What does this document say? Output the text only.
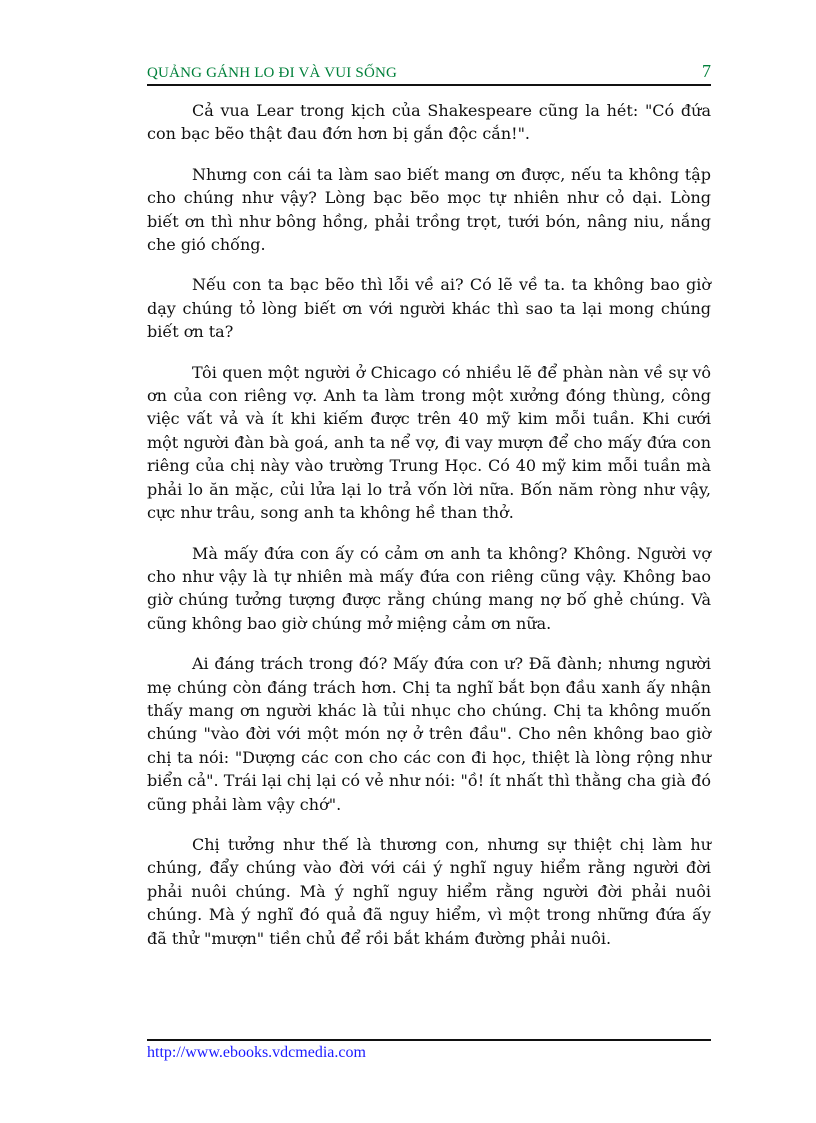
QUẢNG GÁNH LO ĐI VÀ VUI SỐNG	7

Cả vua Lear trong kịch của Shakespeare cũng la hét: "Có đứa con bạc bẽo thật đau đớn hơn bị gắn độc cắn!".

Nhưng con cái ta làm sao biết mang ơn được, nếu ta không tập cho chúng như vậy? Lòng bạc bẽo mọc tự nhiên như cỏ dại. Lòng biết ơn thì như bông hồng, phải trồng trọt, tưới bón, nâng niu, nắng che gió chống.

Nếu con ta bạc bẽo thì lỗi về ai? Có lẽ về ta. ta không bao giờ dạy chúng tỏ lòng biết ơn với người khác thì sao ta lại mong chúng biết ơn ta?

Tôi quen một người ở Chicago có nhiều lẽ để phàn nàn về sự vô ơn của con riêng vợ. Anh ta làm trong một xưởng đóng thùng, công việc vất vả và ít khi kiếm được trên 40 mỹ kim mỗi tuần. Khi cưới một người đàn bà goá, anh ta nể vợ, đi vay mượn để cho mấy đứa con riêng của chị này vào trường Trung Học. Có 40 mỹ kim mỗi tuần mà phải lo ăn mặc, củi lửa lại lo trả vốn lời nữa. Bốn năm ròng như vậy, cực như trâu, song anh ta không hề than thở.

Mà mấy đứa con ấy có cảm ơn anh ta không? Không. Người vợ cho như vậy là tự nhiên mà mấy đứa con riêng cũng vậy. Không bao giờ chúng tưởng tượng được rằng chúng mang nợ bố ghẻ chúng. Và cũng không bao giờ chúng mở miệng cảm ơn nữa.

Ai đáng trách trong đó? Mấy đứa con ư? Đã đành; nhưng người mẹ chúng còn đáng trách hơn. Chị ta nghĩ bắt bọn đầu xanh ấy nhận thấy mang ơn người khác là tủi nhục cho chúng. Chị ta không muốn chúng "vào đời với một món nợ ở trên đầu". Cho nên không bao giờ chị ta nói: "Dượng các con cho các con đi học, thiệt là lòng rộng như biển cả". Trái lại chị lại có vẻ như nói: "ồ! ít nhất thì thằng cha già đó cũng phải làm vậy chớ".

Chị tưởng như thế là thương con, nhưng sự thiệt chị làm hư chúng, đẩy chúng vào đời với cái ý nghĩ nguy hiểm rằng người đời phải nuôi chúng. Mà ý nghĩ nguy hiểm rằng người đời phải nuôi chúng. Mà ý nghĩ đó quả đã nguy hiểm, vì một trong những đứa ấy đã thử "mượn" tiền chủ để rồi bắt khám đường phải nuôi.

http://www.ebooks.vdcmedia.com
